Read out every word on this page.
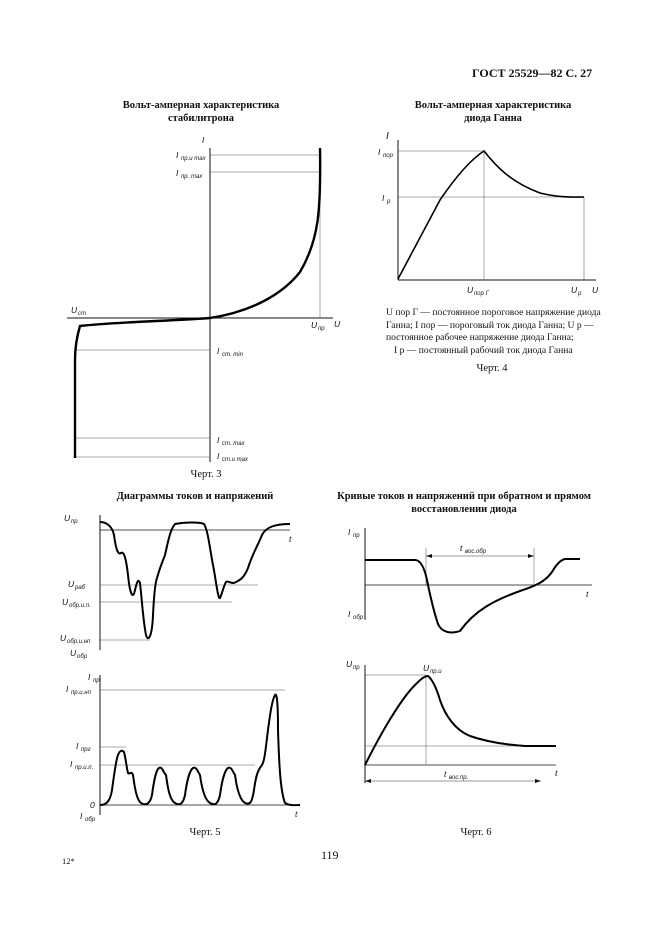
ГОСТ 25529—82 С. 27
Вольт-амперная характеристика
стабилитрона
Вольт-амперная характеристика
диода Ганна
I
I пр.и max
I пр. max
U ст
U пр U
I ст. min
I ст. max
I ст.и max
Черт. 3
I
I пор
I р
U пор Г	U р U
U пор Г — постоянное пороговое напряжение диода
Ганна; I пор — пороговый ток диода Ганна; U р —
постоянное рабочее напряжение диода Ганна;
I р — постоянный рабочий ток диода Ганна
Черт. 4
Диаграммы токов и напряжений	Кривые токов и напряжений при обратном и прямом
восстановлении диода
U пр
t
U раб
U обр.и.п.
U обр.и.нп
U обр
I пр
I пр.и.нп
I прг
I пр.и.п.
0
t
I обр
Черт. 5
I пр
t вос.обр
t
I обр
U пр	U пр.и
t
t вос.пр.
Черт. 6
119
12*
